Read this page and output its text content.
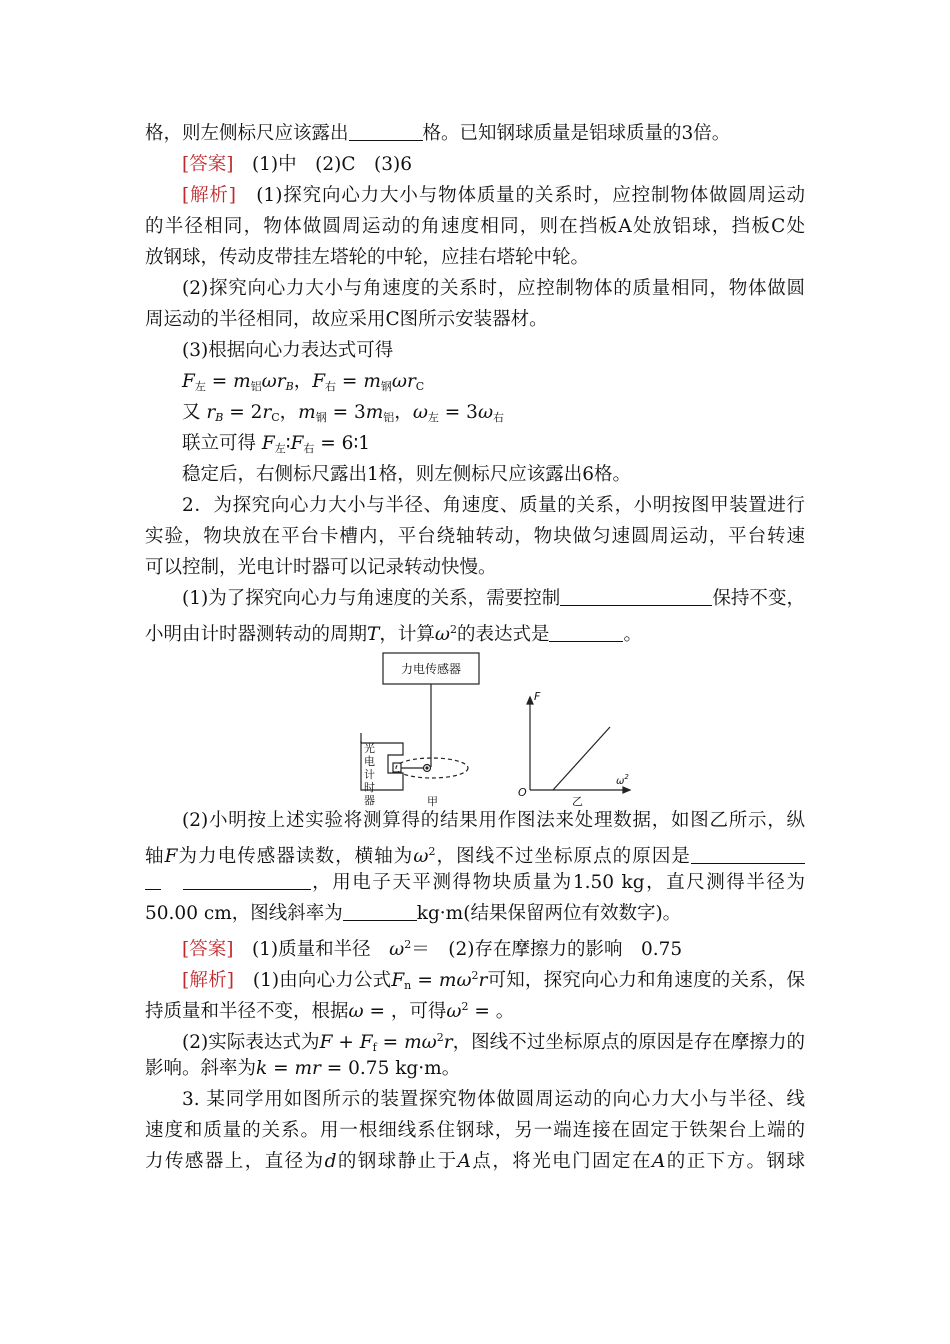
格，则左侧标尺应该露出	格。已知钢球质量是铝球质量的3倍。
[答案]　(1)中　(2)C　(3)6
[解析]　(1)探究向心力大小与物体质量的关系时，应控制物体做圆周运动
的半径相同，物体做圆周运动的角速度相同，则在挡板A处放铝球，挡板C处
放钢球，传动皮带挂左塔轮的中轮，应挂右塔轮中轮。
(2)探究向心力大小与角速度的关系时，应控制物体的质量相同，物体做圆
周运动的半径相同，故应采用C图所示安装器材。
(3)根据向心力表达式可得
$F_左 = m_铝\omega r_B$，$F_右 = m_钢\omega r_C$
又 $r_B = 2r_C$，$m_钢 = 3m_铝$，$\omega_左 = 3\omega_右$
联立可得 $F_左∶F_右$ = 6∶1
稳定后，右侧标尺露出1格，则左侧标尺应该露出6格。
2．为探究向心力大小与半径、角速度、质量的关系，小明按图甲装置进行
实验，物块放在平台卡槽内，平台绕轴转动，物块做匀速圆周运动，平台转速
可以控制，光电计时器可以记录转动快慢。
(1)为了探究向心力与角速度的关系，需要控制	保持不变，
小明由计时器测转动的周期T，计算$\omega^2$的表达式是	。
力电传感器
光
电
计
时
器	甲	乙
F
$\omega^2$
O
(2)小明按上述实验将测算得的结果用作图法来处理数据，如图乙所示，纵
轴F为力电传感器读数，横轴为$\omega^2$，图线不过坐标原点的原因是
　，用电子天平测得物块质量为1.50 kg，直尺测得半径为
50.00 cm，图线斜率为	kg·m(结果保留两位有效数字)。
[答案]　(1)质量和半径　$\omega^2=$　(2)存在摩擦力的影响　0.75
[解析]　(1)由向心力公式$F_n = m\omega^2r$可知，探究向心力和角速度的关系，保
持质量和半径不变，根据ω = ，可得$\omega^2$ = 。
(2)实际表达式为$F + F_f = m\omega^2r$，图线不过坐标原点的原因是存在摩擦力的
影响。斜率为k = mr = 0.75 kg·m。
3. 某同学用如图所示的装置探究物体做圆周运动的向心力大小与半径、线
速度和质量的关系。用一根细线系住钢球，另一端连接在固定于铁架台上端的
力传感器上，直径为d的钢球静止于A点，将光电门固定在A的正下方。钢球
